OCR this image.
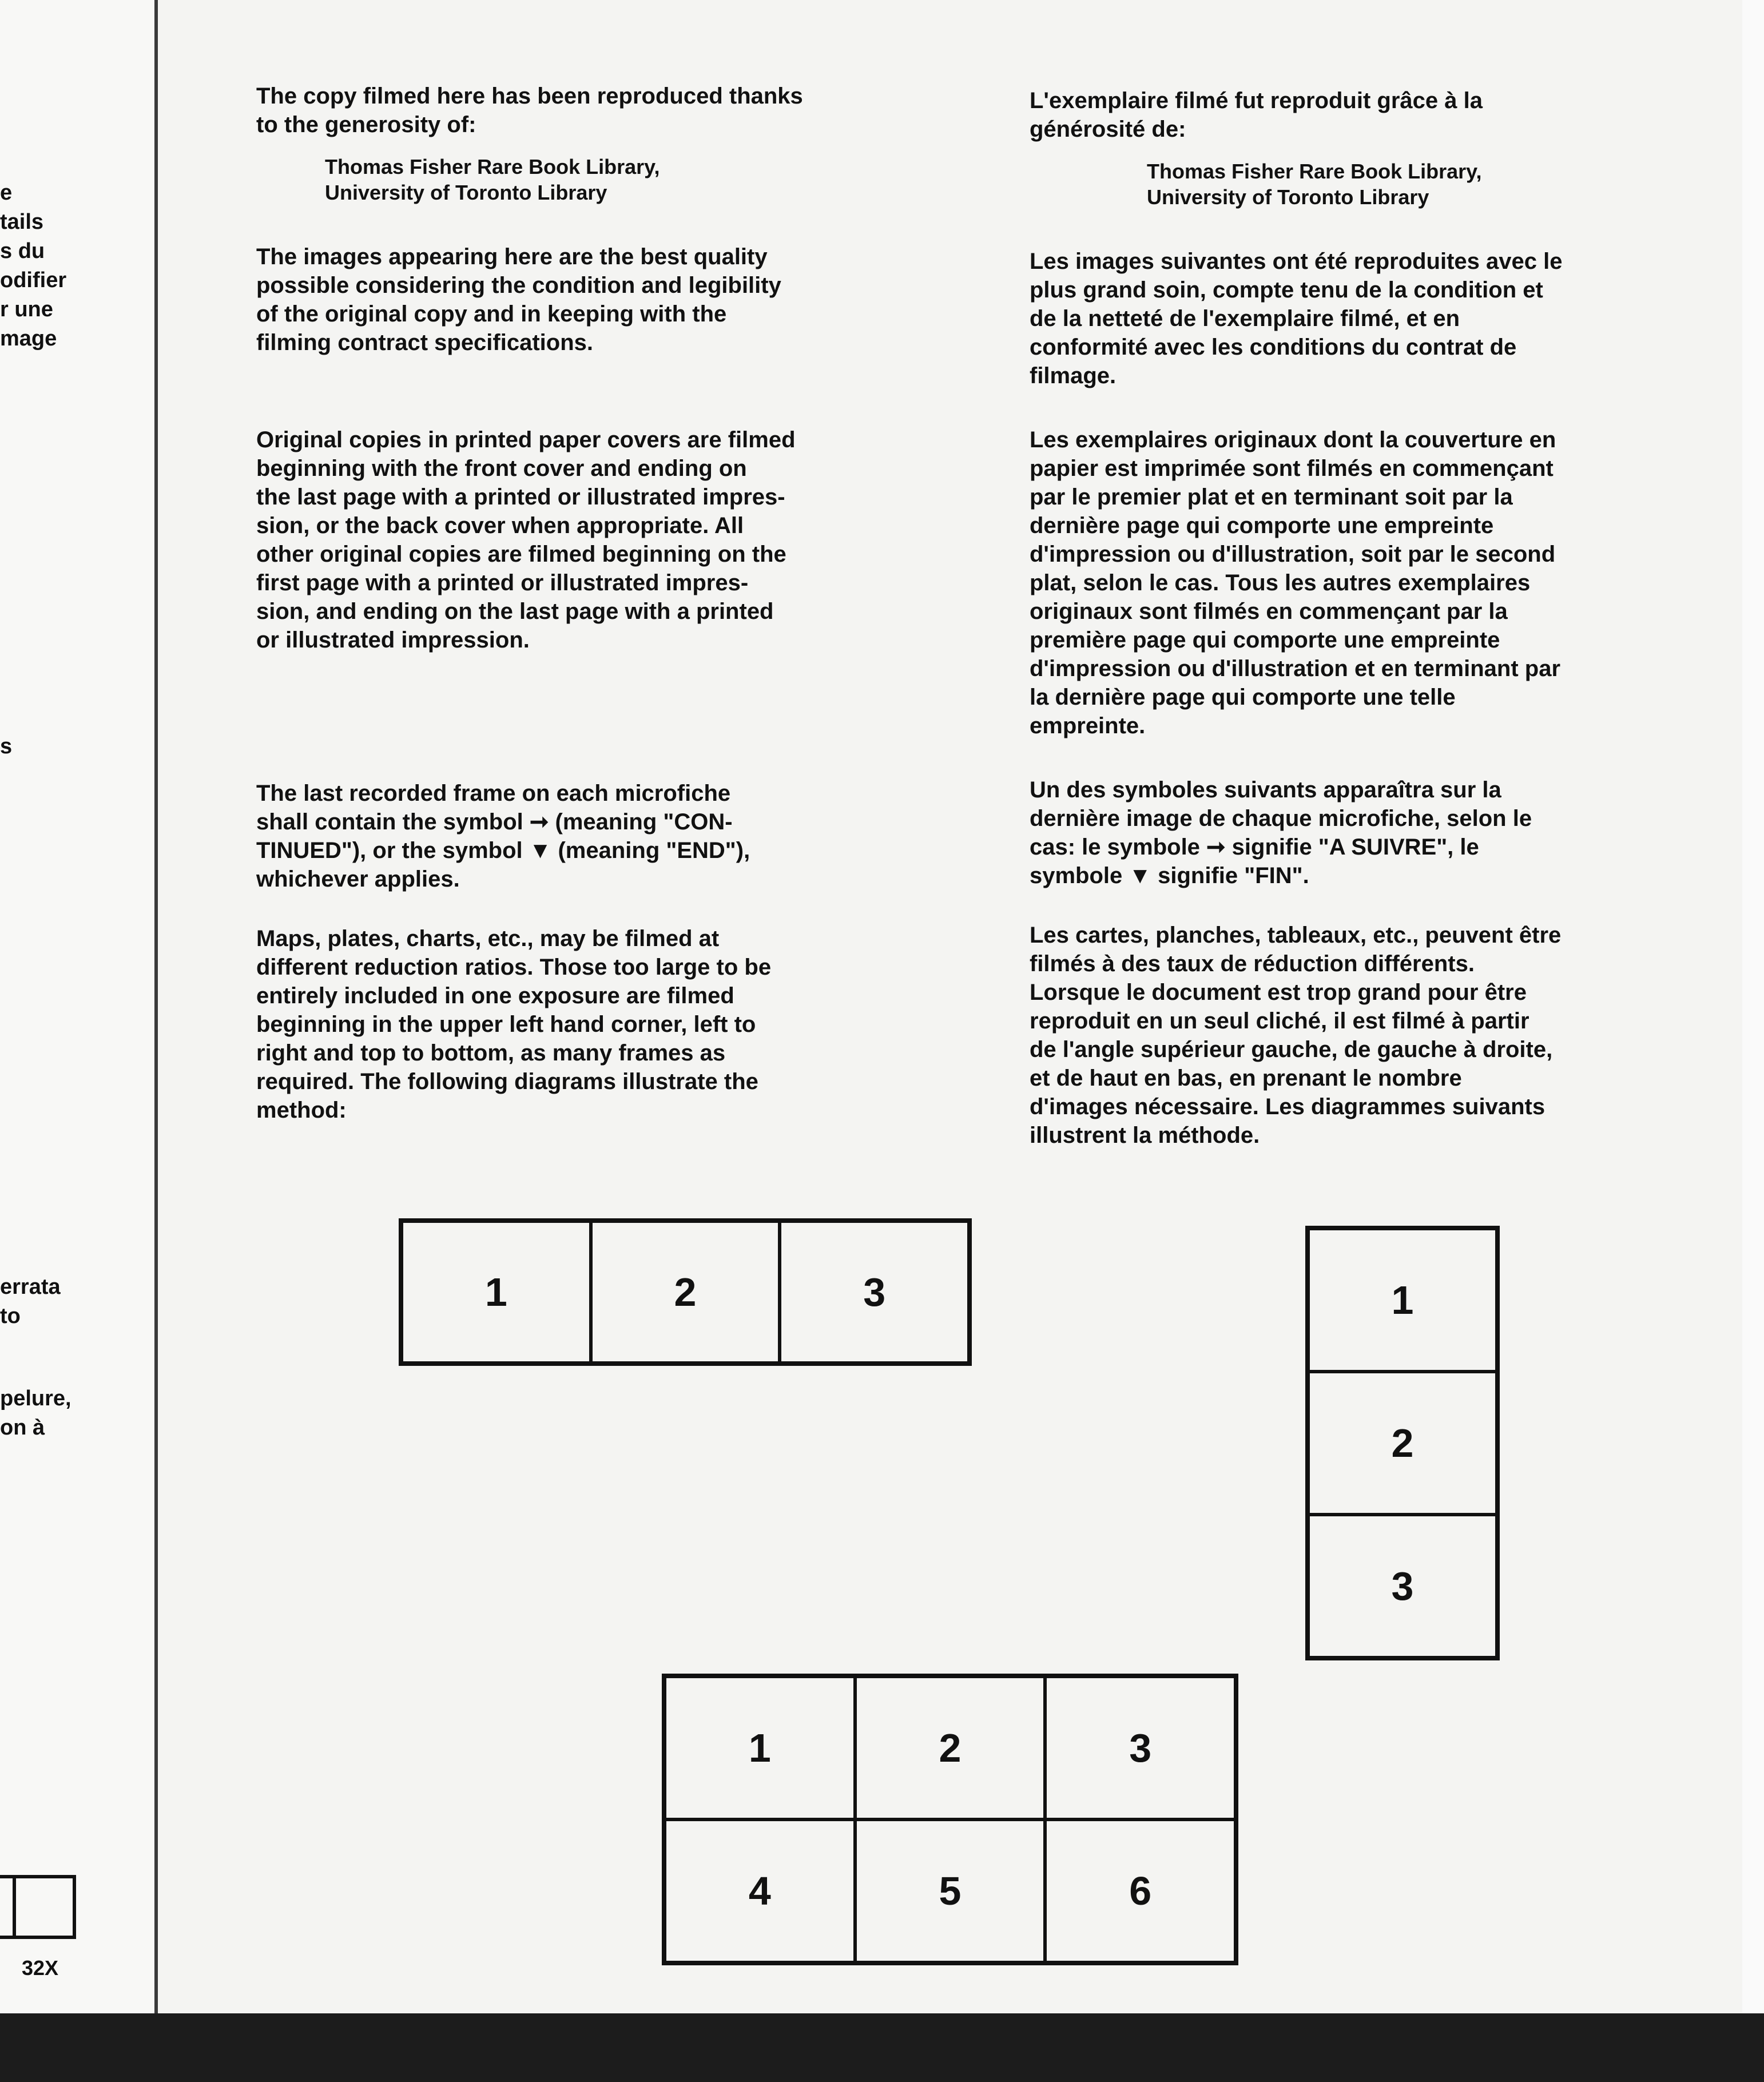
e
tails
s du
odifier
r une
mage
s
errata
to
pelure,
on à
32X

The copy filmed here has been reproduced thanks
to the generosity of:

Thomas Fisher Rare Book Library,
University of Toronto Library

The images appearing here are the best quality
possible considering the condition and legibility
of the original copy and in keeping with the
filming contract specifications.

Original copies in printed paper covers are filmed
beginning with the front cover and ending on
the last page with a printed or illustrated impres-
sion, or the back cover when appropriate. All
other original copies are filmed beginning on the
first page with a printed or illustrated impres-
sion, and ending on the last page with a printed
or illustrated impression.

The last recorded frame on each microfiche
shall contain the symbol ➞ (meaning "CON-
TINUED"), or the symbol ▼ (meaning "END"),
whichever applies.

Maps, plates, charts, etc., may be filmed at
different reduction ratios. Those too large to be
entirely included in one exposure are filmed
beginning in the upper left hand corner, left to
right and top to bottom, as many frames as
required. The following diagrams illustrate the
method:

L'exemplaire filmé fut reproduit grâce à la
générosité de:

Thomas Fisher Rare Book Library,
University of Toronto Library

Les images suivantes ont été reproduites avec le
plus grand soin, compte tenu de la condition et
de la netteté de l'exemplaire filmé, et en
conformité avec les conditions du contrat de
filmage.

Les exemplaires originaux dont la couverture en
papier est imprimée sont filmés en commençant
par le premier plat et en terminant soit par la
dernière page qui comporte une empreinte
d'impression ou d'illustration, soit par le second
plat, selon le cas. Tous les autres exemplaires
originaux sont filmés en commençant par la
première page qui comporte une empreinte
d'impression ou d'illustration et en terminant par
la dernière page qui comporte une telle
empreinte.

Un des symboles suivants apparaîtra sur la
dernière image de chaque microfiche, selon le
cas: le symbole ➞ signifie "A SUIVRE", le
symbole ▼ signifie "FIN".

Les cartes, planches, tableaux, etc., peuvent être
filmés à des taux de réduction différents.
Lorsque le document est trop grand pour être
reproduit en un seul cliché, il est filmé à partir
de l'angle supérieur gauche, de gauche à droite,
et de haut en bas, en prenant le nombre
d'images nécessaire. Les diagrammes suivants
illustrent la méthode.

1	2	3	1
2
3
1	2	3
4	5	6
